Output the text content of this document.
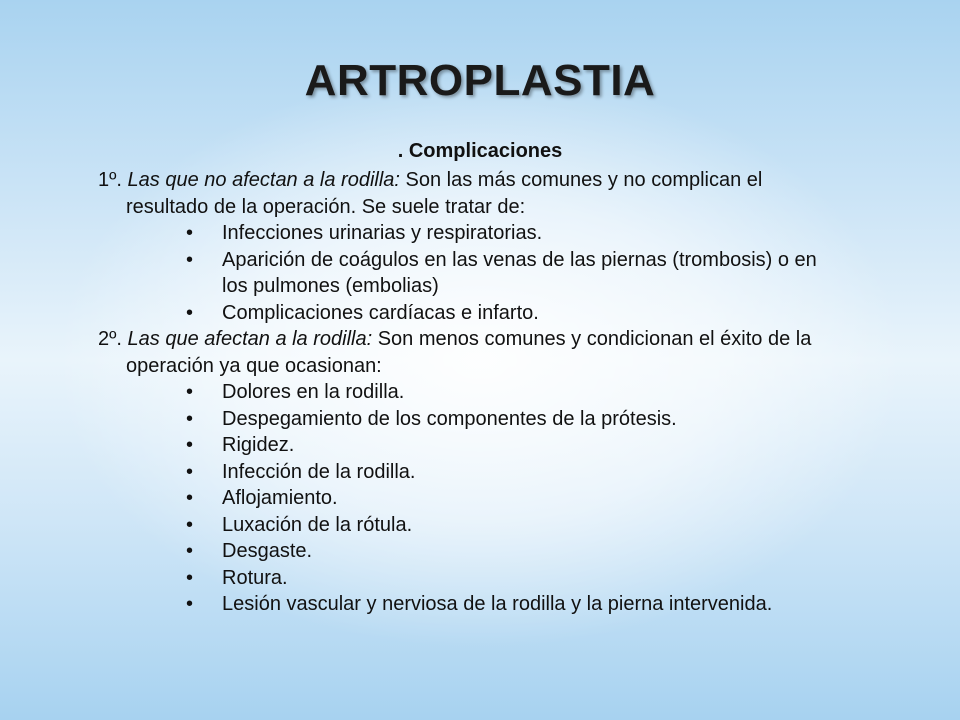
ARTROPLASTIA
. Complicaciones
1º. Las que no afectan a la rodilla: Son las más comunes y no complican el resultado de la operación. Se suele tratar de:
• Infecciones urinarias y respiratorias.
• Aparición de coágulos en las venas de las piernas (trombosis) o en los pulmones (embolias)
• Complicaciones cardíacas e infarto.
2º. Las que afectan a la rodilla: Son menos comunes y condicionan el éxito de la operación ya que ocasionan:
• Dolores en la rodilla.
• Despegamiento de los componentes de la prótesis.
• Rigidez.
• Infección de la rodilla.
• Aflojamiento.
• Luxación de la rótula.
• Desgaste.
• Rotura.
• Lesión vascular y nerviosa de la rodilla y la pierna intervenida.
